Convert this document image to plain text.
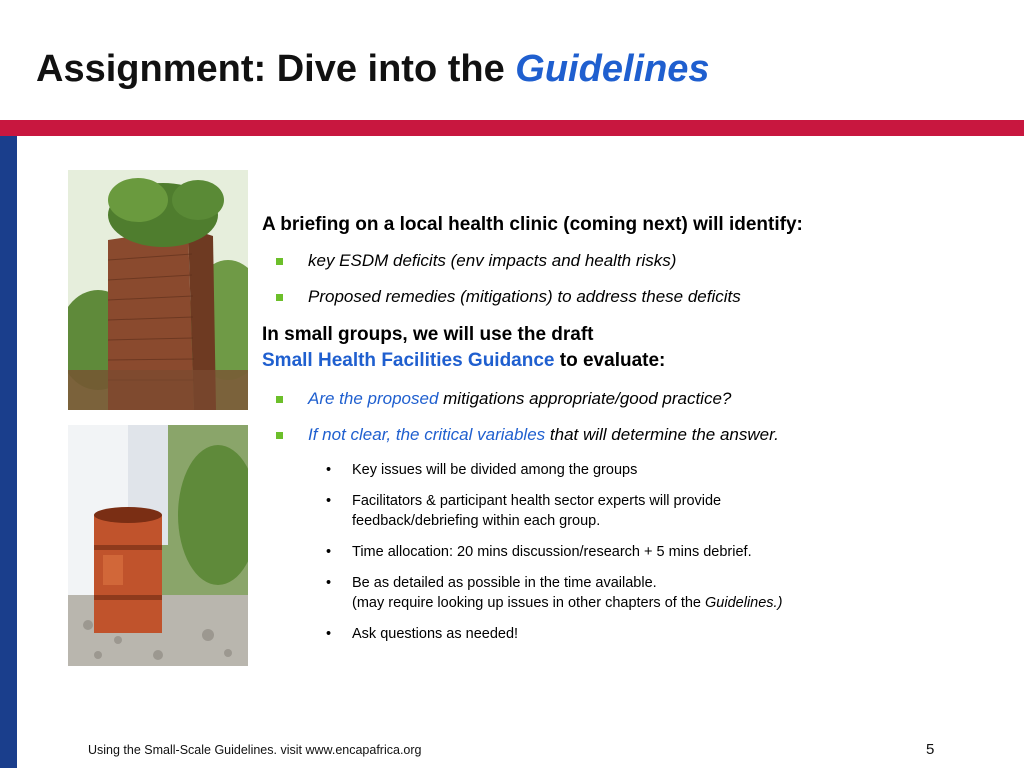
Assignment: Dive into the Guidelines

A briefing on a local health clinic (coming next) will identify:

key ESDM deficits (env impacts and health risks)
Proposed remedies (mitigations) to address these deficits

In small groups, we will use the draft
Small Health Facilities Guidance to evaluate:

Are the proposed mitigations appropriate/good practice?
If not clear, the critical variables that will determine the answer.
• Key issues will be divided among the groups
• Facilitators & participant health sector experts will provide
feedback/debriefing within each group.
• Time allocation: 20 mins discussion/research + 5 mins debrief.
• Be as detailed as possible in the time available.
(may require looking up issues in other chapters of the Guidelines.)
• Ask questions as needed!
Using the Small-Scale Guidelines. visit www.encapafrica.org	5
